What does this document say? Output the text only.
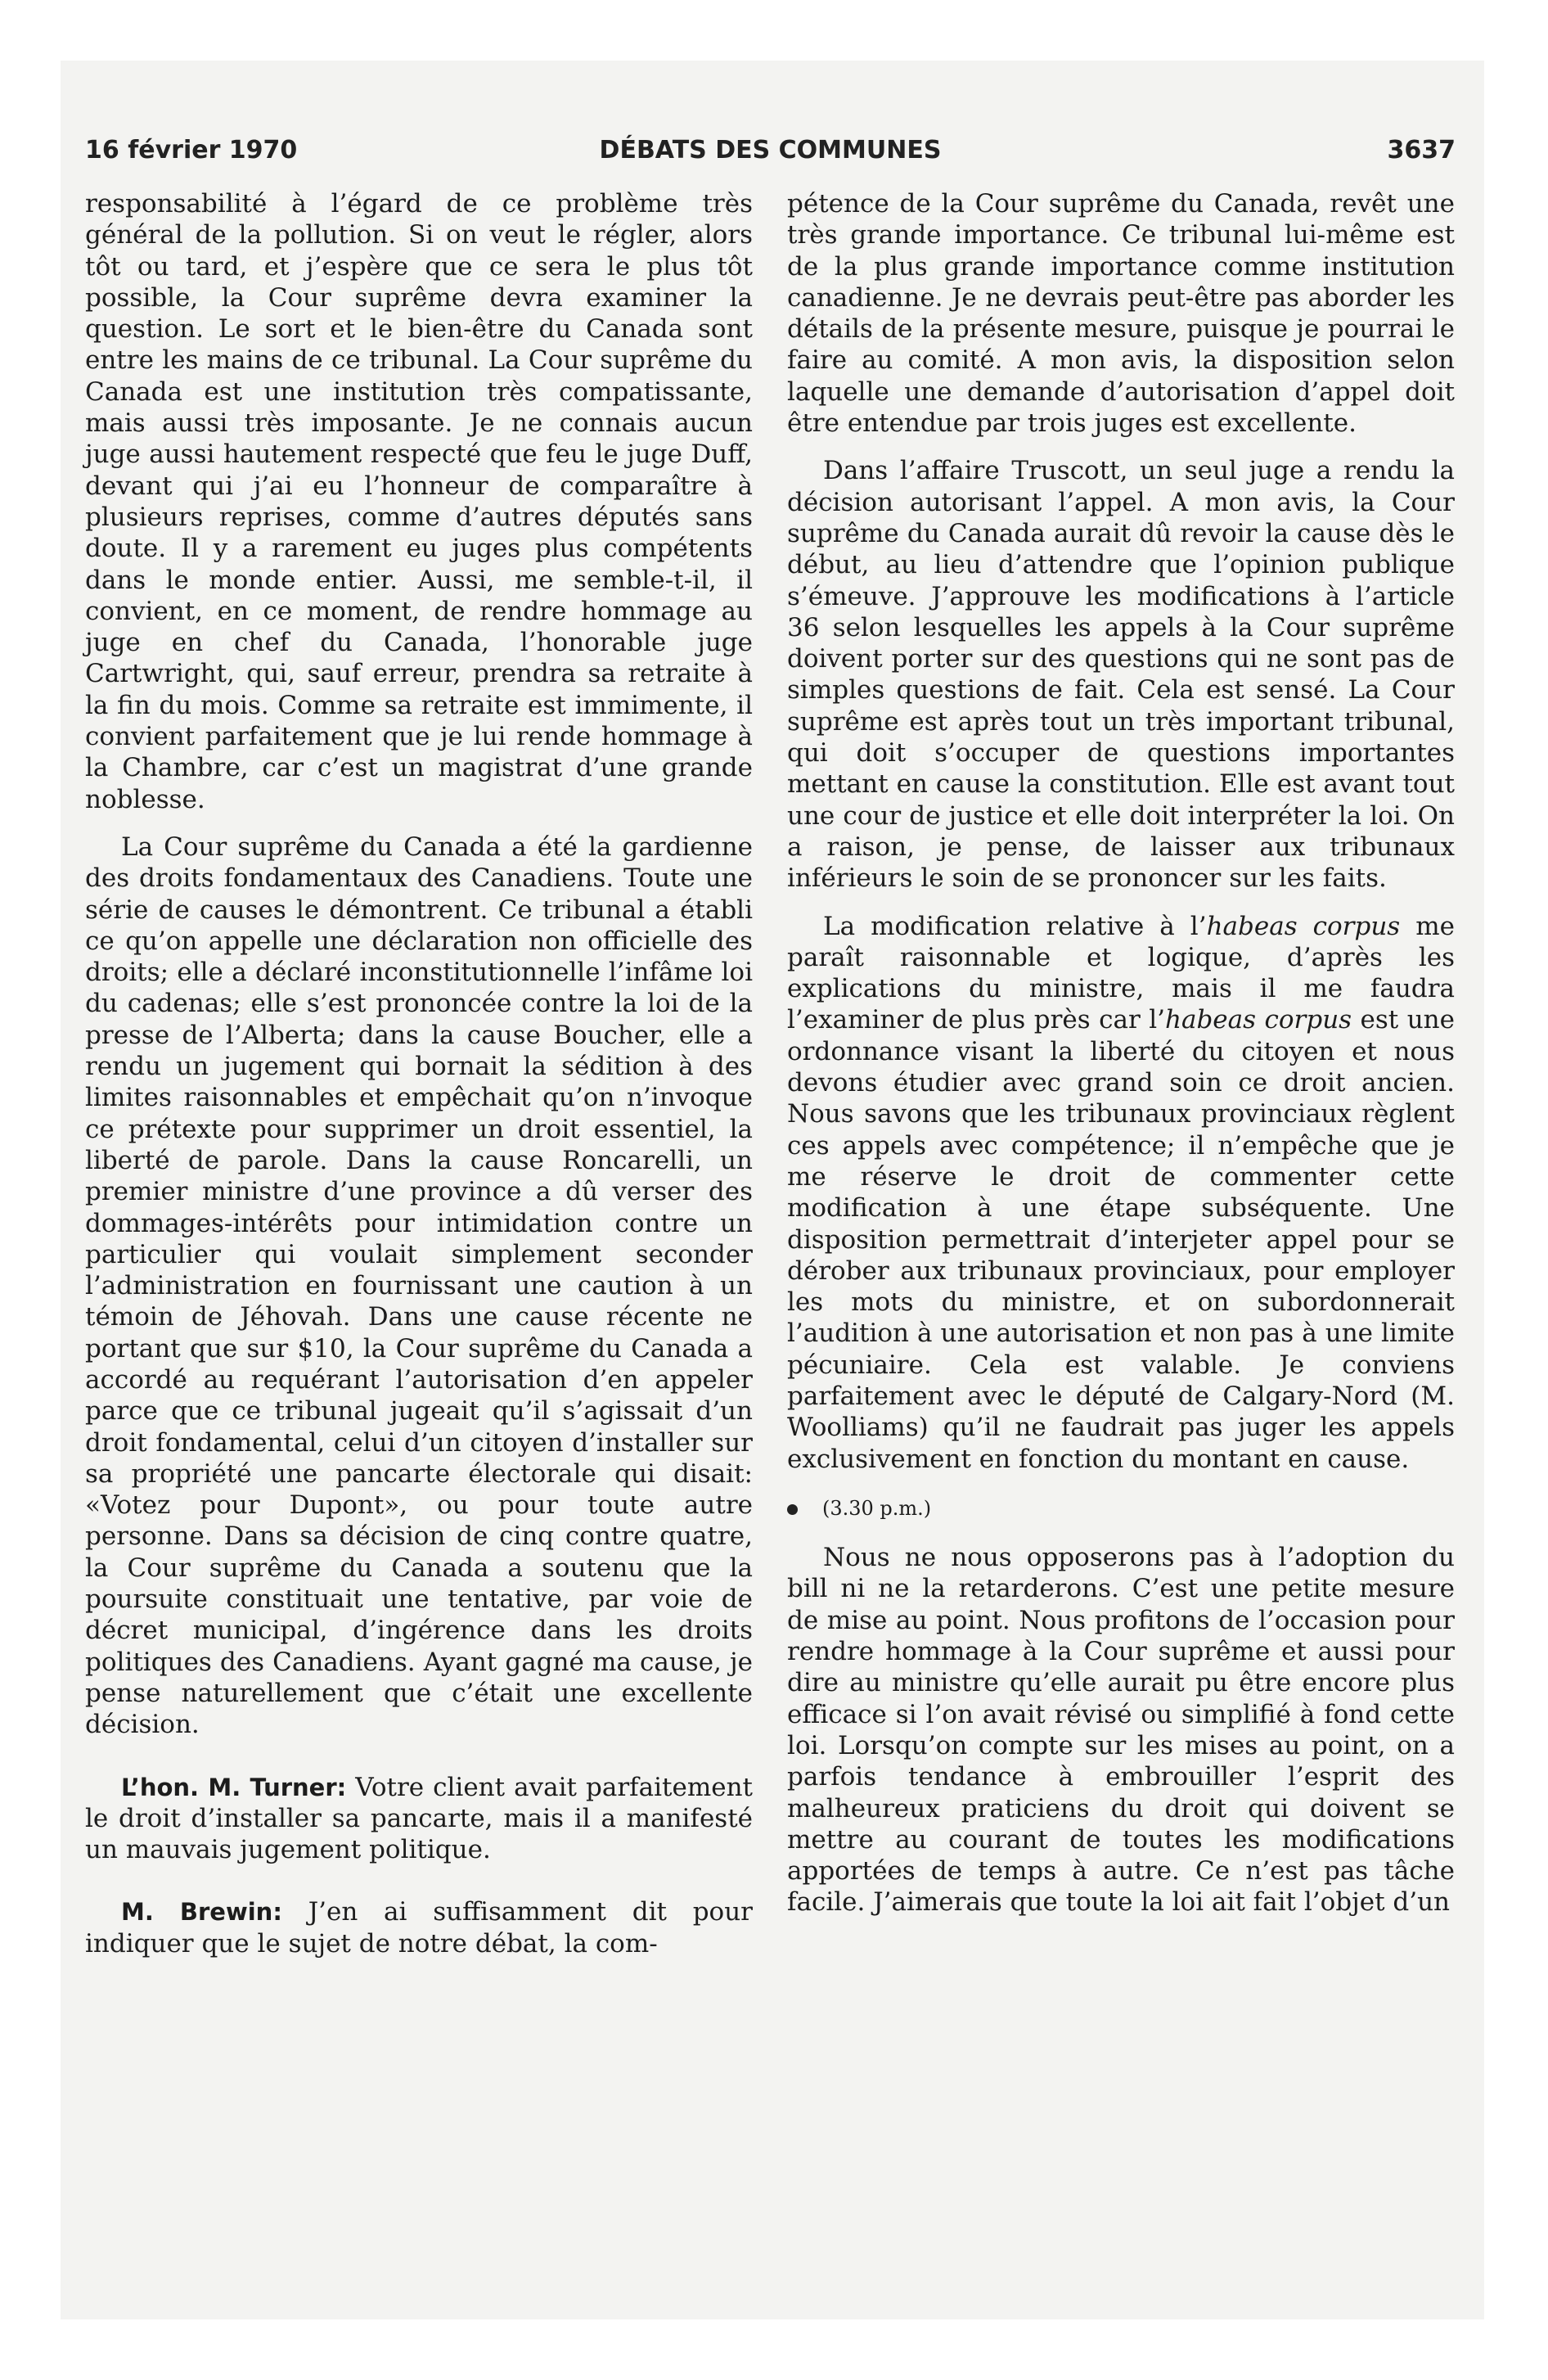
16 février 1970	DÉBATS DES COMMUNES	3637

responsabilité à l’égard de ce problème très général de la pollution. Si on veut le régler, alors tôt ou tard, et j’espère que ce sera le plus tôt possible, la Cour suprême devra examiner la question. Le sort et le bien-être du Canada sont entre les mains de ce tribunal. La Cour suprême du Canada est une institution très compatissante, mais aussi très imposante. Je ne connais aucun juge aussi hautement respecté que feu le juge Duff, devant qui j’ai eu l’honneur de comparaître à plusieurs reprises, comme d’autres députés sans doute. Il y a rarement eu juges plus compétents dans le monde entier. Aussi, me semble-t-il, il convient, en ce moment, de rendre hommage au juge en chef du Canada, l’honorable juge Cartwright, qui, sauf erreur, prendra sa retraite à la fin du mois. Comme sa retraite est immimente, il convient parfaitement que je lui rende hommage à la Chambre, car c’est un magistrat d’une grande noblesse.

La Cour suprême du Canada a été la gardienne des droits fondamentaux des Canadiens. Toute une série de causes le démontrent. Ce tribunal a établi ce qu’on appelle une déclaration non officielle des droits; elle a déclaré inconstitutionnelle l’infâme loi du cadenas; elle s’est prononcée contre la loi de la presse de l’Alberta; dans la cause Boucher, elle a rendu un jugement qui bornait la sédition à des limites raisonnables et empêchait qu’on n’invoque ce prétexte pour supprimer un droit essentiel, la liberté de parole. Dans la cause Roncarelli, un premier ministre d’une province a dû verser des dommages-intérêts pour intimidation contre un particulier qui voulait simplement seconder l’administration en fournissant une caution à un témoin de Jéhovah. Dans une cause récente ne portant que sur $10, la Cour suprême du Canada a accordé au requérant l’autorisation d’en appeler parce que ce tribunal jugeait qu’il s’agissait d’un droit fondamental, celui d’un citoyen d’installer sur sa propriété une pancarte électorale qui disait: «Votez pour Dupont», ou pour toute autre personne. Dans sa décision de cinq contre quatre, la Cour suprême du Canada a soutenu que la poursuite constituait une tentative, par voie de décret municipal, d’ingérence dans les droits politiques des Canadiens. Ayant gagné ma cause, je pense naturellement que c’était une excellente décision.

L’hon. M. Turner: Votre client avait parfaitement le droit d’installer sa pancarte, mais il a manifesté un mauvais jugement politique.

M. Brewin: J’en ai suffisamment dit pour indiquer que le sujet de notre débat, la com-

pétence de la Cour suprême du Canada, revêt une très grande importance. Ce tribunal lui-même est de la plus grande importance comme institution canadienne. Je ne devrais peut-être pas aborder les détails de la présente mesure, puisque je pourrai le faire au comité. A mon avis, la disposition selon laquelle une demande d’autorisation d’appel doit être entendue par trois juges est excellente.

Dans l’affaire Truscott, un seul juge a rendu la décision autorisant l’appel. A mon avis, la Cour suprême du Canada aurait dû revoir la cause dès le début, au lieu d’attendre que l’opinion publique s’émeuve. J’approuve les modifications à l’article 36 selon lesquelles les appels à la Cour suprême doivent porter sur des questions qui ne sont pas de simples questions de fait. Cela est sensé. La Cour suprême est après tout un très important tribunal, qui doit s’occuper de questions importantes mettant en cause la constitution. Elle est avant tout une cour de justice et elle doit interpréter la loi. On a raison, je pense, de laisser aux tribunaux inférieurs le soin de se prononcer sur les faits.

La modification relative à l’habeas corpus me paraît raisonnable et logique, d’après les explications du ministre, mais il me faudra l’examiner de plus près car l’habeas corpus est une ordonnance visant la liberté du citoyen et nous devons étudier avec grand soin ce droit ancien. Nous savons que les tribunaux provinciaux règlent ces appels avec compétence; il n’empêche que je me réserve le droit de commenter cette modification à une étape subséquente. Une disposition permettrait d’interjeter appel pour se dérober aux tribunaux provinciaux, pour employer les mots du ministre, et on subordonnerait l’audition à une autorisation et non pas à une limite pécuniaire. Cela est valable. Je conviens parfaitement avec le député de Calgary-Nord (M. Woolliams) qu’il ne faudrait pas juger les appels exclusivement en fonction du montant en cause.

(3.30 p.m.)

Nous ne nous opposerons pas à l’adoption du bill ni ne la retarderons. C’est une petite mesure de mise au point. Nous profitons de l’occasion pour rendre hommage à la Cour suprême et aussi pour dire au ministre qu’elle aurait pu être encore plus efficace si l’on avait révisé ou simplifié à fond cette loi. Lorsqu’on compte sur les mises au point, on a parfois tendance à embrouiller l’esprit des malheureux praticiens du droit qui doivent se mettre au courant de toutes les modifications apportées de temps à autre. Ce n’est pas tâche facile. J’aimerais que toute la loi ait fait l’objet d’un
